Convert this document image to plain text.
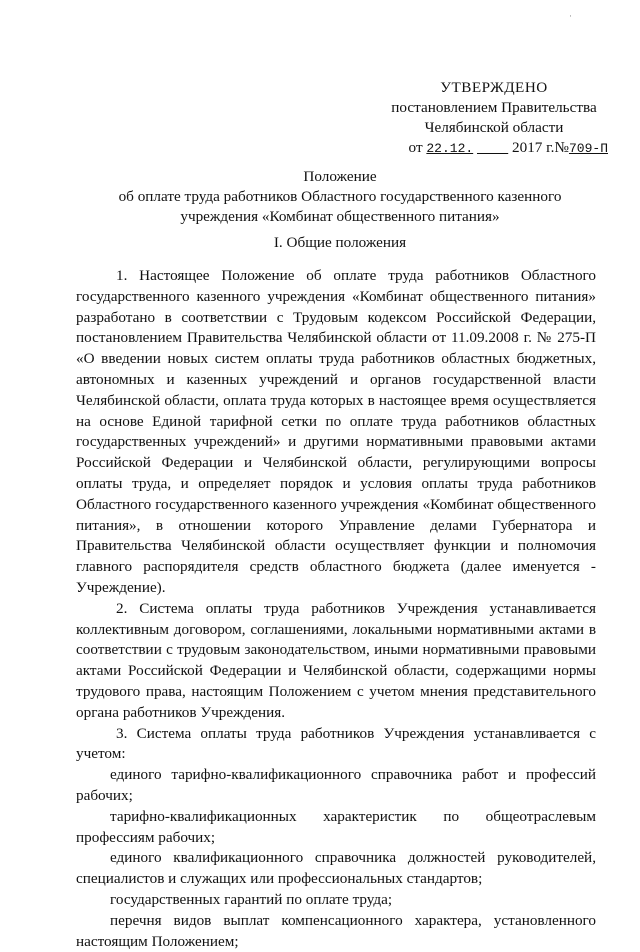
·
УТВЕРЖДЕНО
постановлением Правительства
Челябинской области
от 22.12.	2017 г.№709-П
Положение
об оплате труда работников Областного государственного казенного
учреждения «Комбинат общественного питания»
I. Общие положения

1. Настоящее Положение об оплате труда работников Областного государственного казенного учреждения «Комбинат общественного питания» разработано в соответствии с Трудовым кодексом Российской Федерации, постановлением Правительства Челябинской области от 11.09.2008 г. № 275-П «О введении новых систем оплаты труда работников областных бюджетных, автономных и казенных учреждений и органов государственной власти Челябинской области, оплата труда которых в настоящее время осуществляется на основе Единой тарифной сетки по оплате труда работников областных государственных учреждений» и другими нормативными правовыми актами Российской Федерации и Челябинской области, регулирующими вопросы оплаты труда, и определяет порядок и условия оплаты труда работников Областного государственного казенного учреждения «Комбинат общественного питания», в отношении которого Управление делами Губернатора и Правительства Челябинской области осуществляет функции и полномочия главного распорядителя средств областного бюджета (далее именуется - Учреждение).

2. Система оплаты труда работников Учреждения устанавливается коллективным договором, соглашениями, локальными нормативными актами в соответствии с трудовым законодательством, иными нормативными правовыми актами Российской Федерации и Челябинской области, содержащими нормы трудового права, настоящим Положением с учетом мнения представительного органа работников Учреждения.

3. Система оплаты труда работников Учреждения устанавливается с учетом:

единого тарифно-квалификационного справочника работ и профессий рабочих;

тарифно-квалификационных характеристик по общеотраслевым профессиям рабочих;

единого квалификационного справочника должностей руководителей, специалистов и служащих или профессиональных стандартов;

государственных гарантий по оплате труда;

перечня видов выплат компенсационного характера, установленного настоящим Положением;
